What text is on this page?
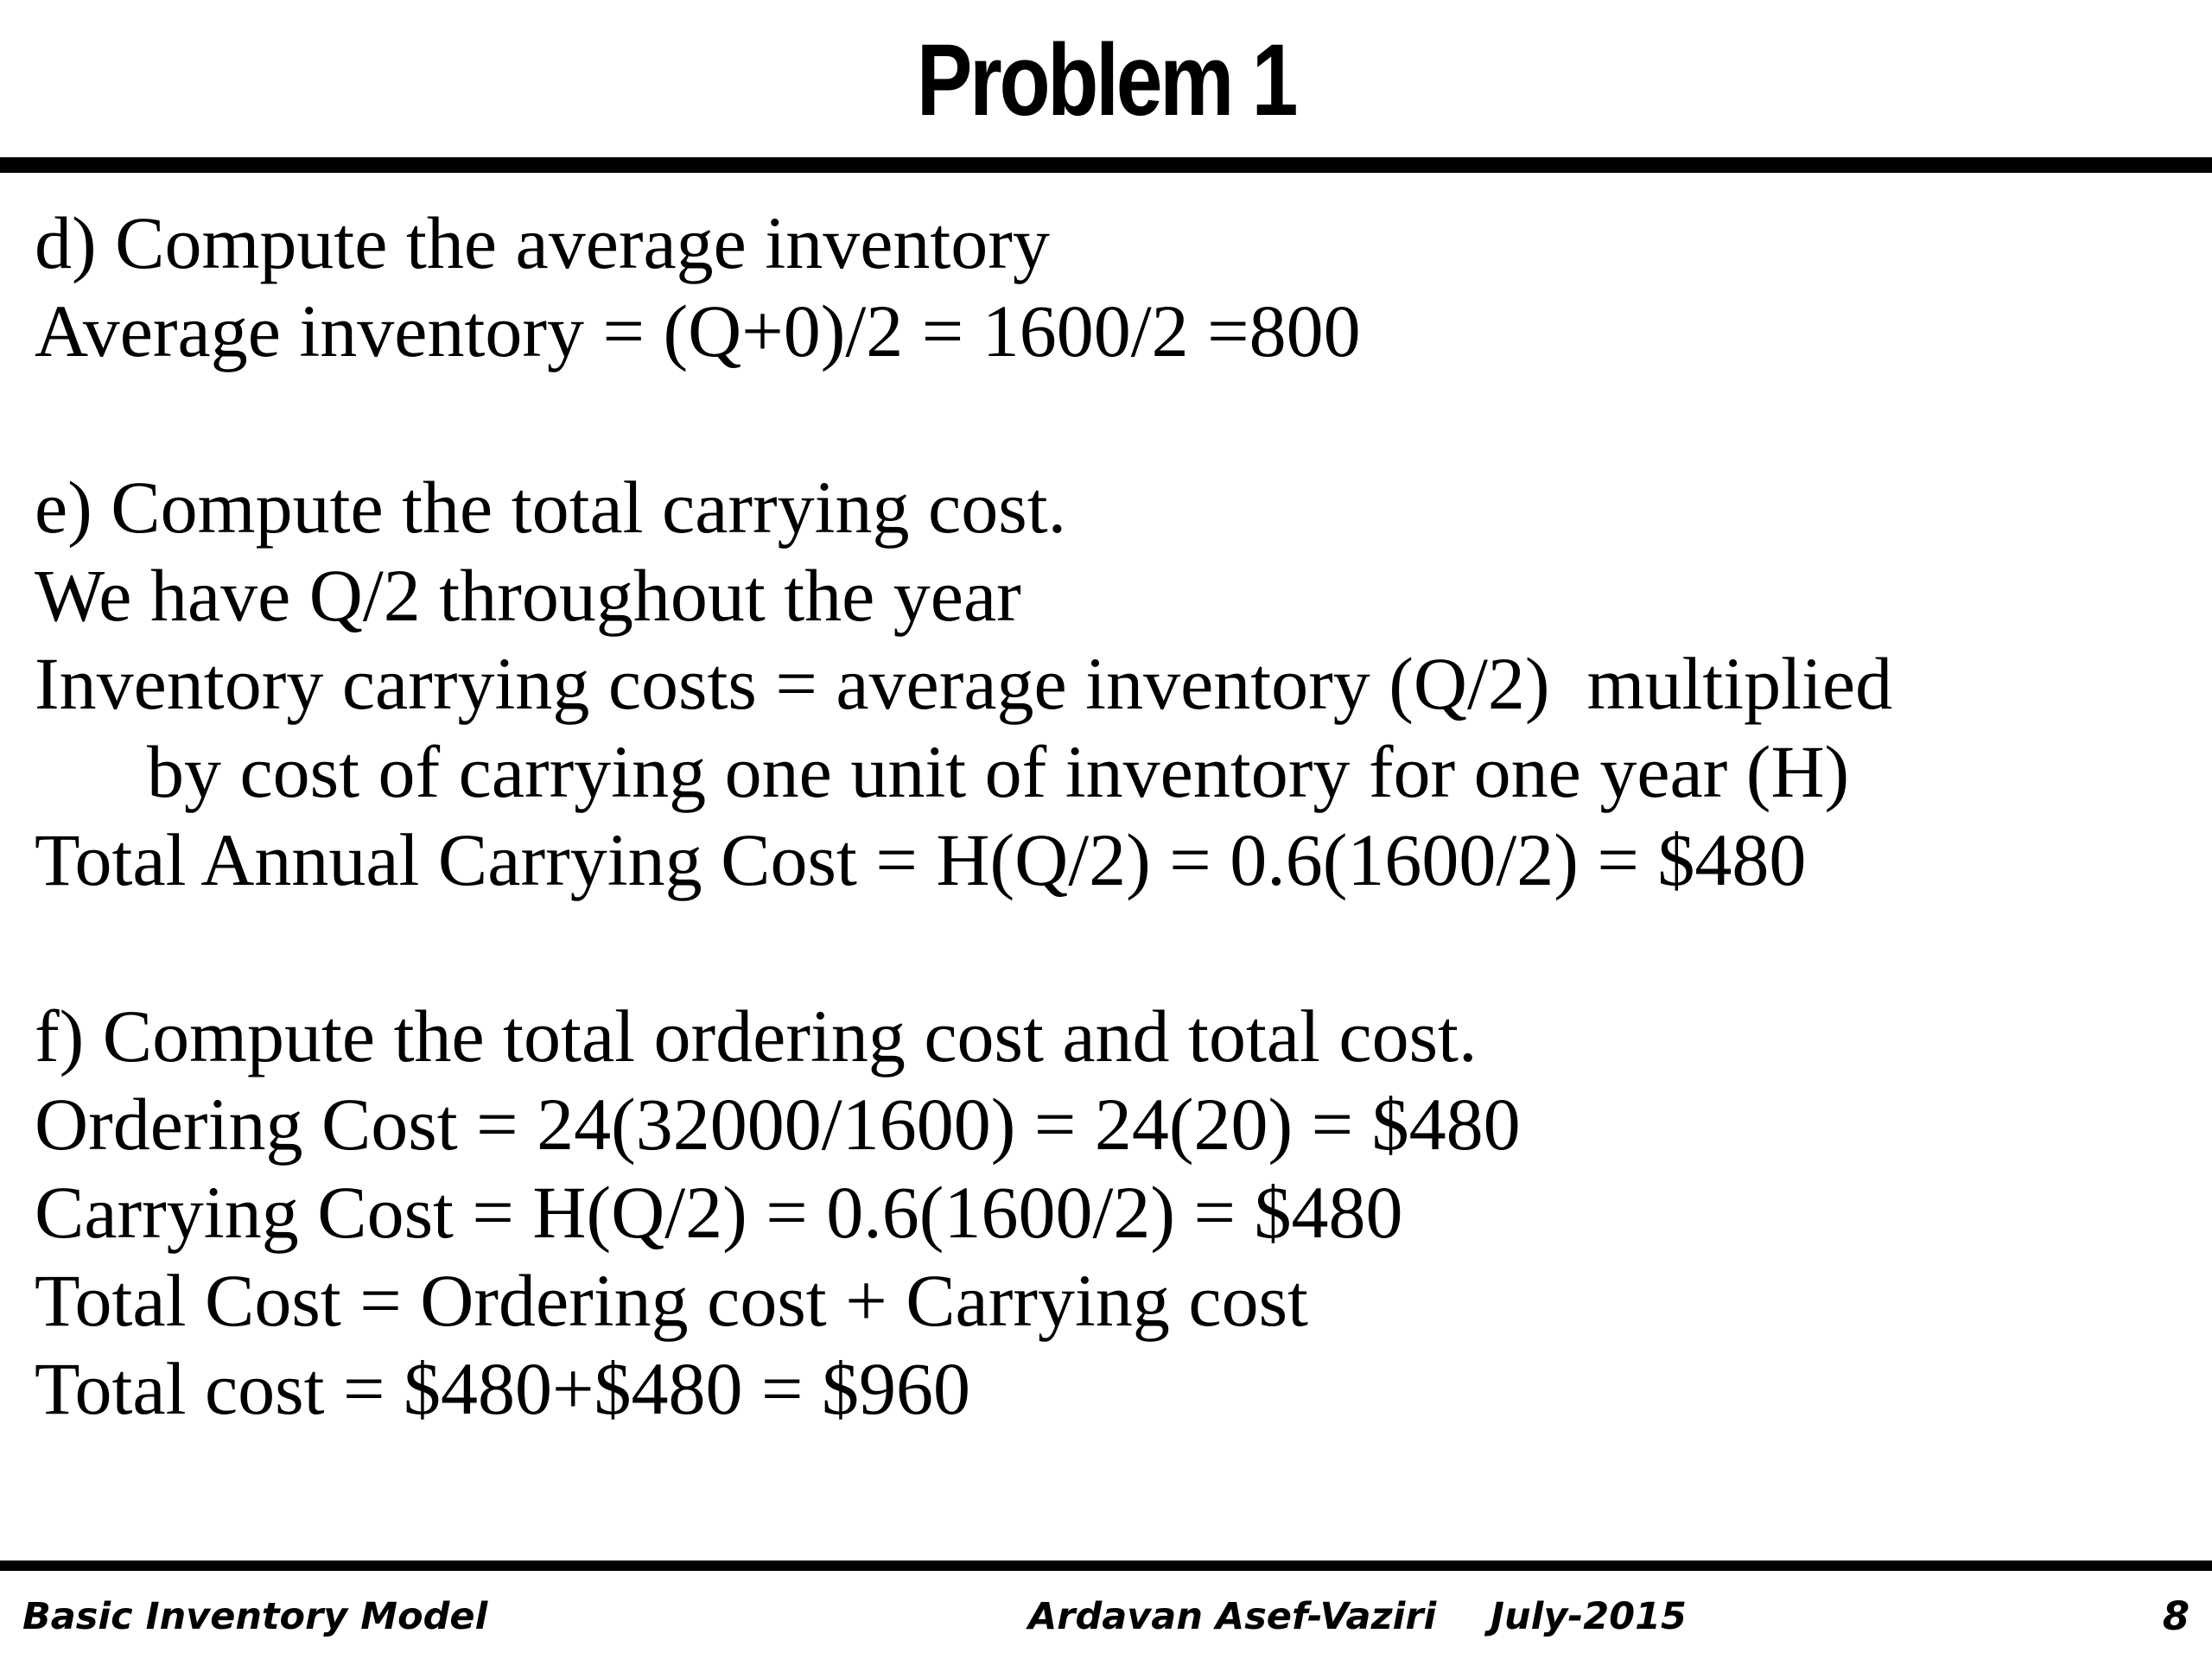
Problem 1
d) Compute the average inventory
Average inventory = (Q+0)/2 = 1600/2 =800
e) Compute the total carrying cost.
We have Q/2 throughout the year
Inventory carrying costs = average inventory (Q/2)  multiplied
by cost of carrying one unit of inventory for one year (H)
Total Annual Carrying Cost = H(Q/2) = 0.6(1600/2) = $480
f) Compute the total ordering cost and total cost.
Ordering Cost = 24(32000/1600) = 24(20) = $480
Carrying Cost = H(Q/2) = 0.6(1600/2) = $480
Total Cost = Ordering cost + Carrying cost
Total cost = $480+$480 = $960
Basic Inventory Model	Ardavan Asef-Vaziri July-2015	8
